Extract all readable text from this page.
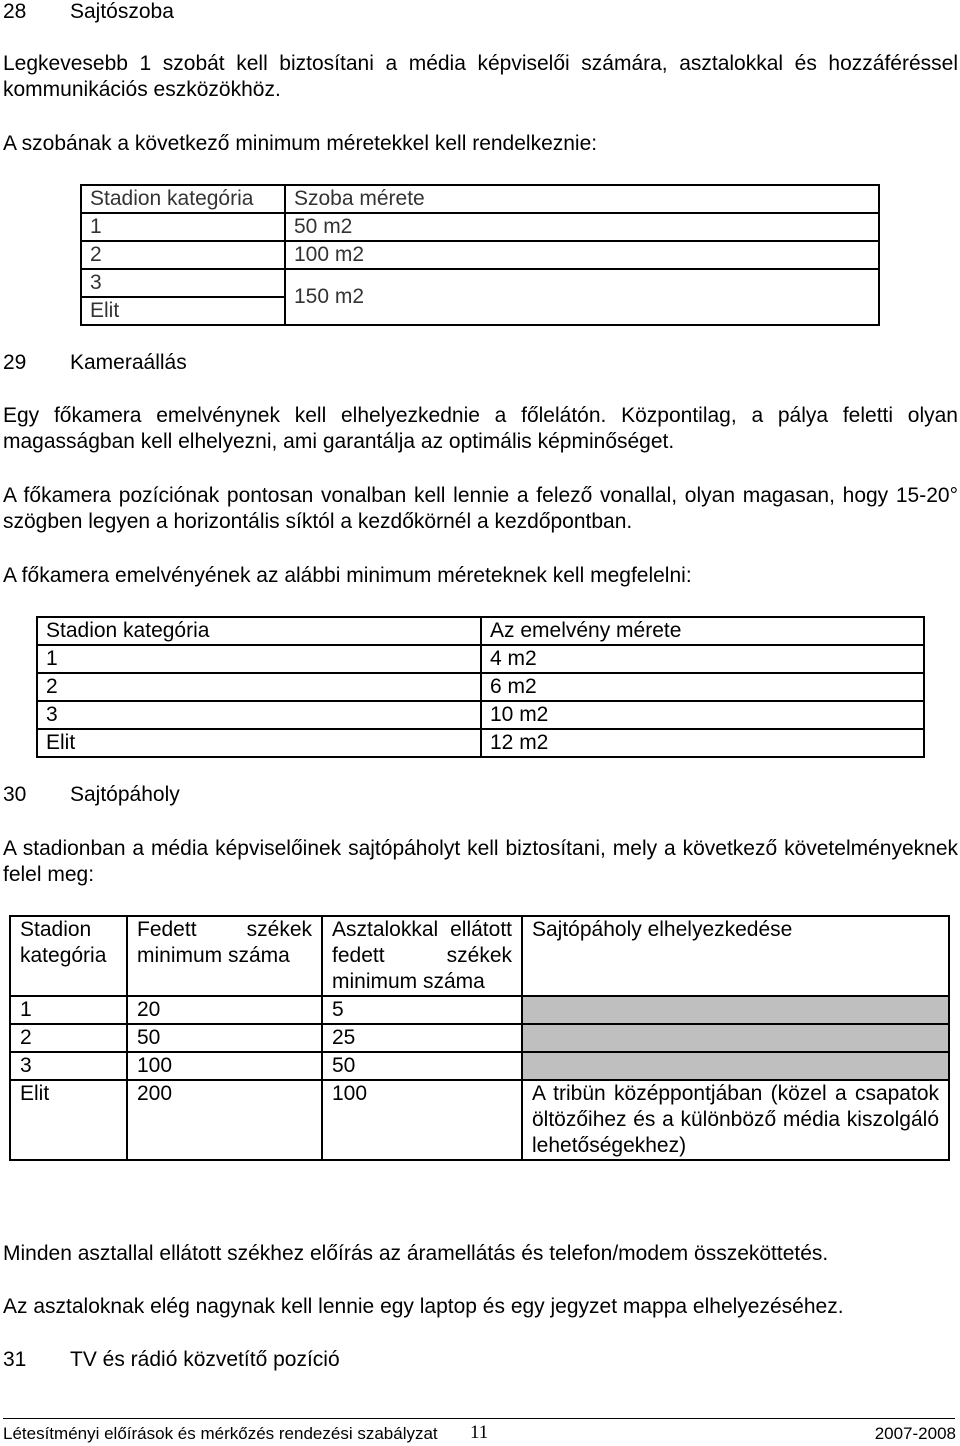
28 Sajtószoba
Legkevesebb 1 szobát kell biztosítani a média képviselői számára, asztalokkal és hozzáféréssel kommunikációs eszközökhöz.
A szobának a következő minimum méretekkel kell rendelkeznie:
Stadion kategória	Szoba mérete
1	50 m2
2	100 m2
3	150 m2
Elit	
29 Kameraállás
Egy főkamera emelvénynek kell elhelyezkednie a főlelátón. Központilag, a pálya feletti olyan magasságban kell elhelyezni, ami garantálja az optimális képminőséget.
A főkamera pozíciónak pontosan vonalban kell lennie a felező vonallal, olyan magasan, hogy 15-20° szögben legyen a horizontális síktól a kezdőkörnél a kezdőpontban.
A főkamera emelvényének az alábbi minimum méreteknek kell megfelelni:
Stadion kategória	Az emelvény mérete
1	4 m2
2	6 m2
3	10 m2
Elit	12 m2
30 Sajtópáholy
A stadionban a média képviselőinek sajtópáholyt kell biztosítani, mely a következő követelményeknek felel meg:
Stadion kategória	Fedett székek minimum száma	Asztalokkal ellátott fedett székek minimum száma	Sajtópáholy elhelyezkedése
1	20	5	
2	50	25	
3	100	50	
Elit	200	100	A tribün középpontjában (közel a csapatok öltözőihez és a különböző média kiszolgáló lehetőségekhez)
Minden asztallal ellátott székhez előírás az áramellátás és telefon/modem összeköttetés.
Az asztaloknak elég nagynak kell lennie egy laptop és egy jegyzet mappa elhelyezéséhez.
31 TV és rádió közvetítő pozíció
Létesítményi előírások és mérkőzés rendezési szabályzat 11	2007-2008
